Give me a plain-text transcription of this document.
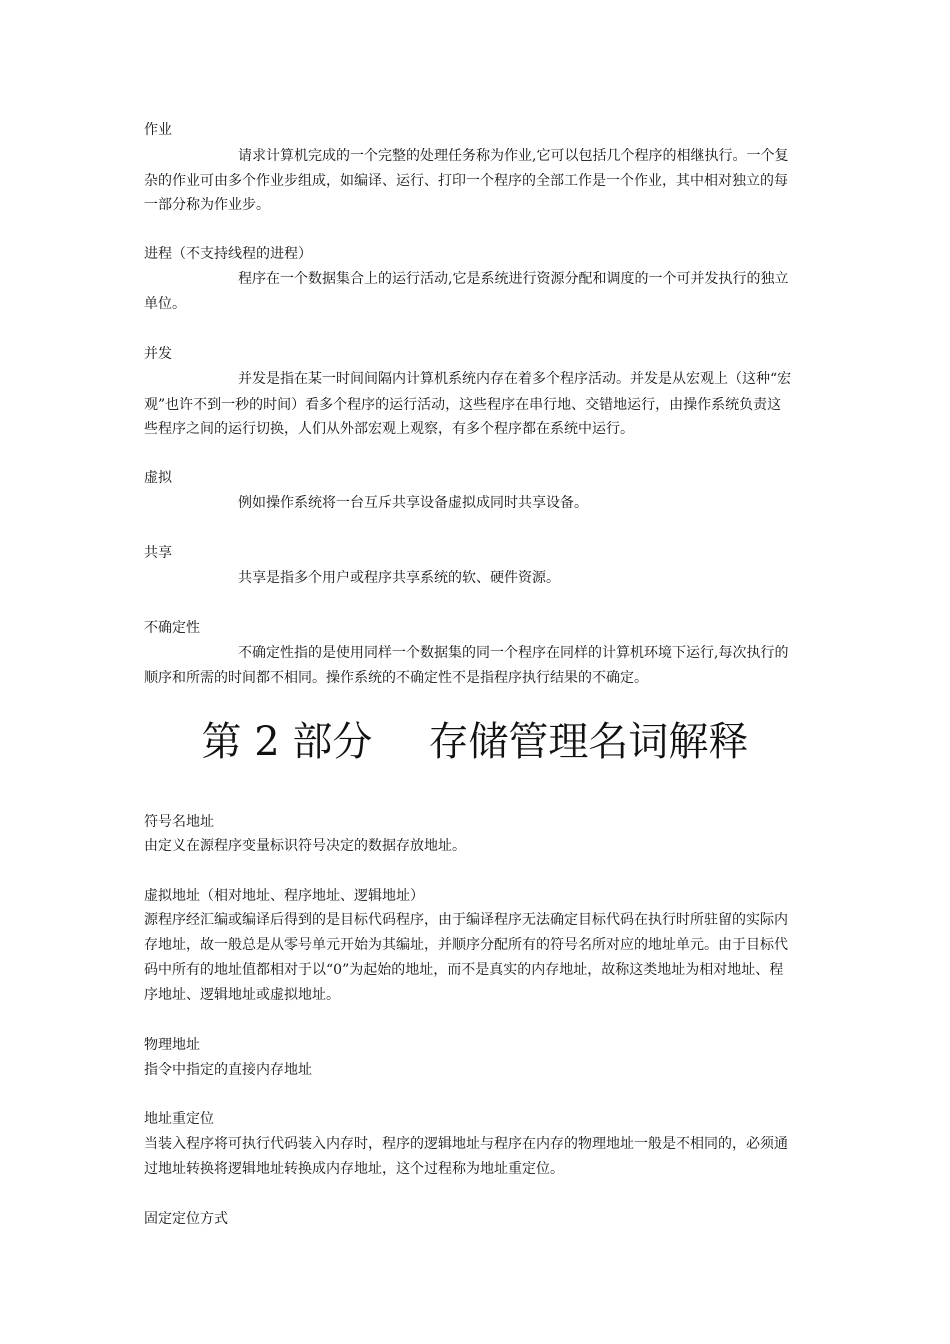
作业
请求计算机完成的一个完整的处理任务称为作业,它可以包括几个程序的相继执行。一个复
杂的作业可由多个作业步组成，如编译、运行、打印一个程序的全部工作是一个作业，其中相对独立的每
一部分称为作业步。
进程（不支持线程的进程）
程序在一个数据集合上的运行活动,它是系统进行资源分配和调度的一个可并发执行的独立
单位。
并发
并发是指在某一时间间隔内计算机系统内存在着多个程序活动。并发是从宏观上（这种“宏
观”也许不到一秒的时间）看多个程序的运行活动，这些程序在串行地、交错地运行，由操作系统负责这
些程序之间的运行切换，人们从外部宏观上观察，有多个程序都在系统中运行。
虚拟
例如操作系统将一台互斥共享设备虚拟成同时共享设备。
共享
共享是指多个用户或程序共享系统的软、硬件资源。
不确定性
不确定性指的是使用同样一个数据集的同一个程序在同样的计算机环境下运行,每次执行的
顺序和所需的时间都不相同。操作系统的不确定性不是指程序执行结果的不确定。
第 2 部分 存储管理名词解释
符号名地址
由定义在源程序变量标识符号决定的数据存放地址。
虚拟地址（相对地址、程序地址、逻辑地址）
源程序经汇编或编译后得到的是目标代码程序，由于编译程序无法确定目标代码在执行时所驻留的实际内
存地址，故一般总是从零号单元开始为其编址，并顺序分配所有的符号名所对应的地址单元。由于目标代
码中所有的地址值都相对于以“0”为起始的地址，而不是真实的内存地址，故称这类地址为相对地址、程
序地址、逻辑地址或虚拟地址。
物理地址
指令中指定的直接内存地址
地址重定位
当装入程序将可执行代码装入内存时，程序的逻辑地址与程序在内存的物理地址一般是不相同的，必须通
过地址转换将逻辑地址转换成内存地址，这个过程称为地址重定位。
固定定位方式
